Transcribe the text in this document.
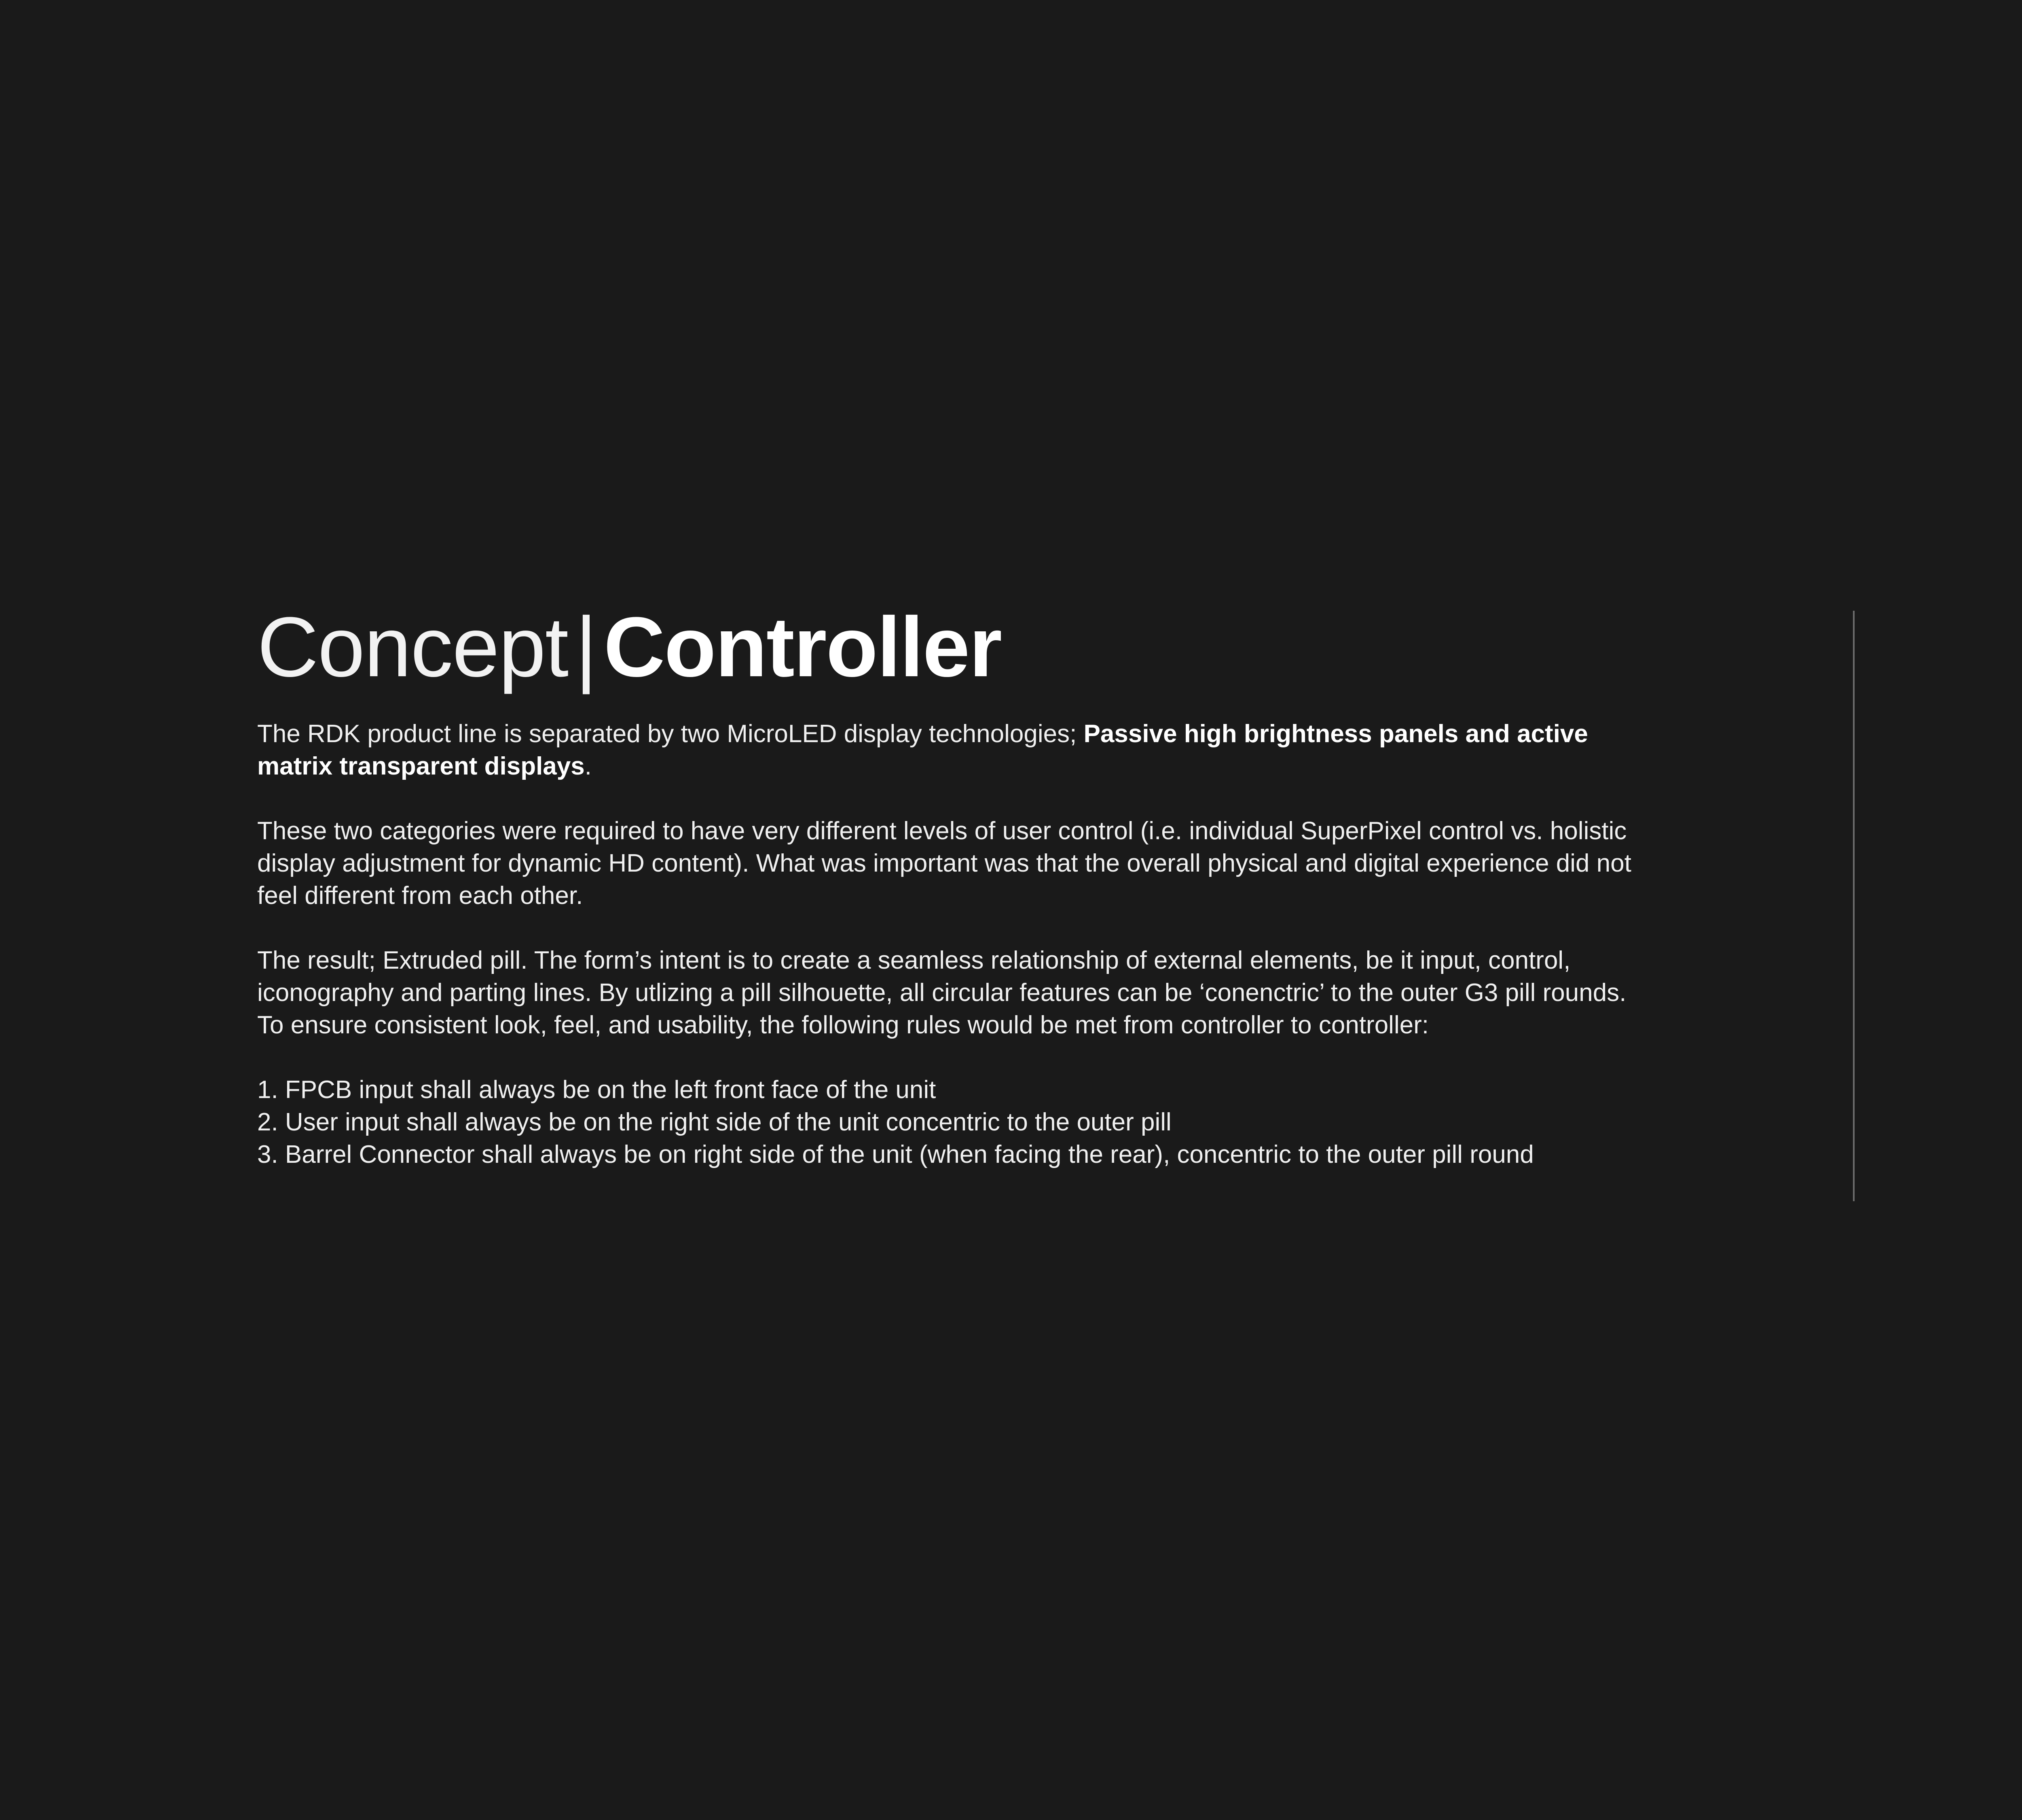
Concept|Controller

The RDK product line is separated by two MicroLED display technologies; Passive high brightness panels and active matrix transparent displays.

These two categories were required to have very different levels of user control (i.e. individual SuperPixel control vs. holistic display adjustment for dynamic HD content). What was important was that the overall physical and digital experience did not feel different from each other.

The result; Extruded pill. The form’s intent is to create a seamless relationship of external elements, be it input, control, iconography and parting lines. By utlizing a pill silhouette, all circular features can be ‘conenctric’ to the outer G3 pill rounds. To ensure consistent look, feel, and usability, the following rules would be met from controller to controller:

1. FPCB input shall always be on the left front face of the unit

2. User input shall always be on the right side of the unit concentric to the outer pill

3. Barrel Connector shall always be on right side of the unit (when facing the rear), concentric to the outer pill round
